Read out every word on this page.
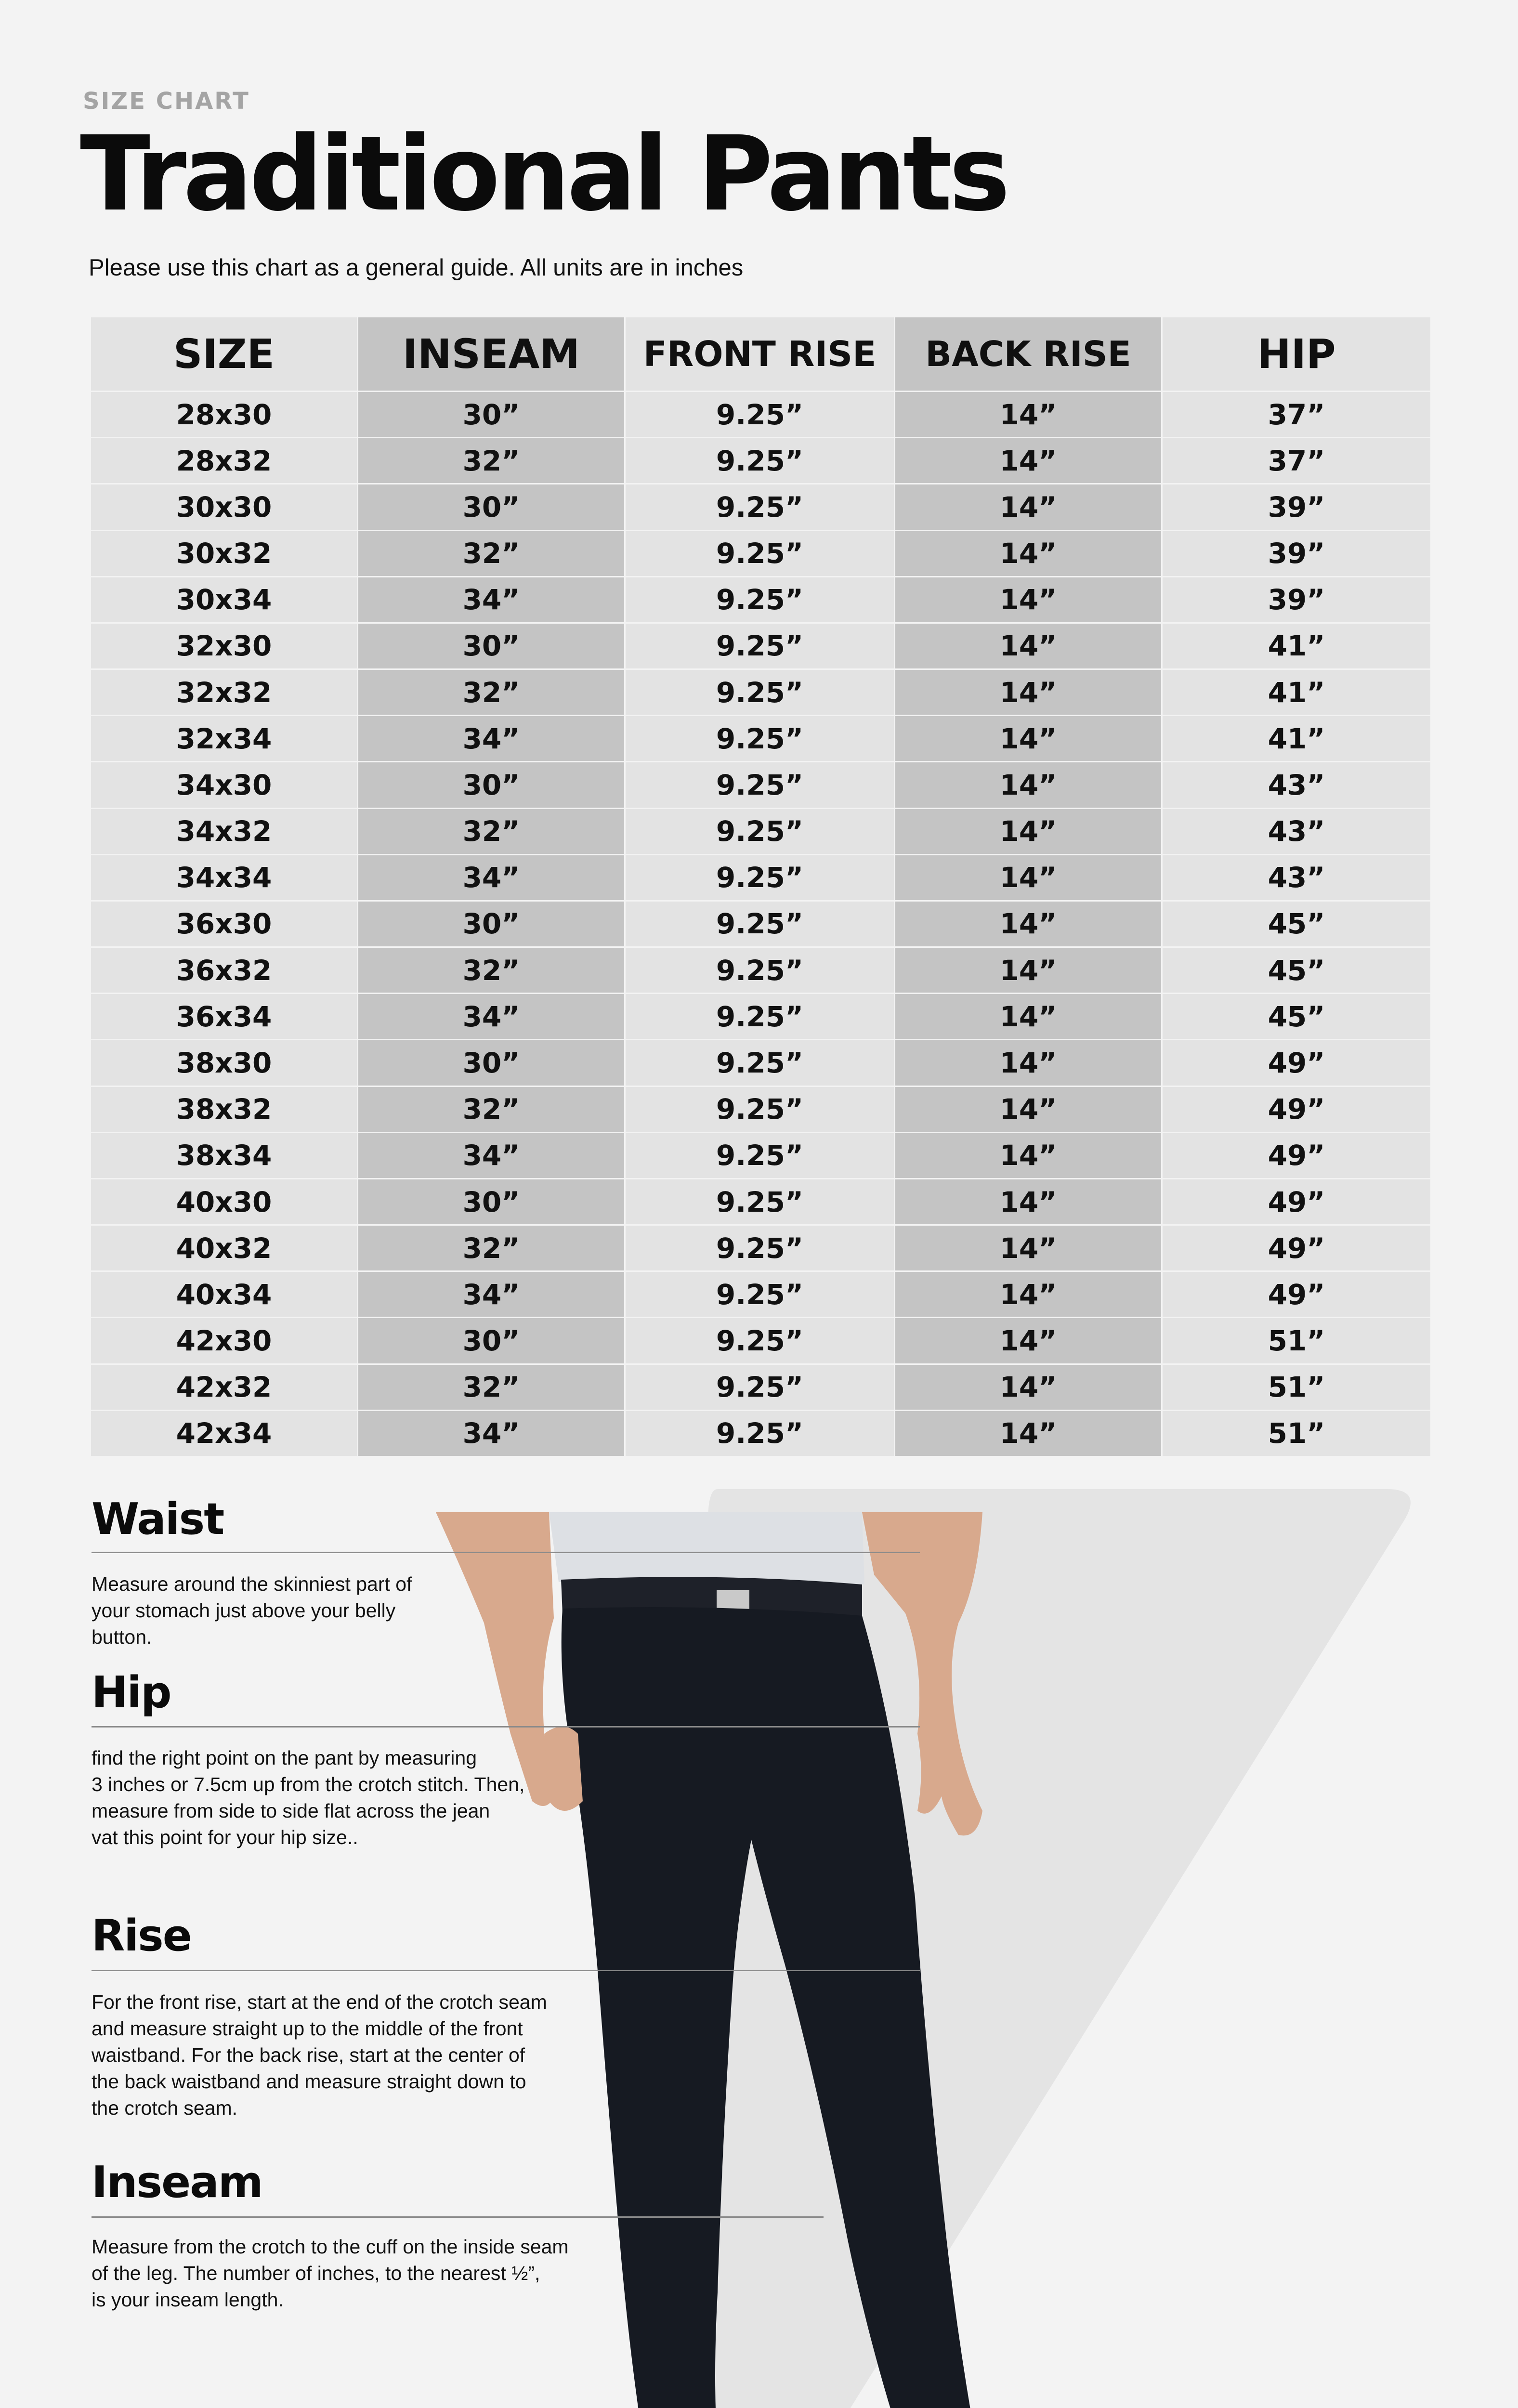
SIZE CHART
Traditional Pants
Please use this chart as a general guide. All units are in inches
SIZE	INSEAM	FRONT RISE	BACK RISE	HIP
28x30	30”	9.25”	14”	37”
28x32	32”	9.25”	14”	37”
30x30	30”	9.25”	14”	39”
30x32	32”	9.25”	14”	39”
30x34	34”	9.25”	14”	39”
32x30	30”	9.25”	14”	41”
32x32	32”	9.25”	14”	41”
32x34	34”	9.25”	14”	41”
34x30	30”	9.25”	14”	43”
34x32	32”	9.25”	14”	43”
34x34	34”	9.25”	14”	43”
36x30	30”	9.25”	14”	45”
36x32	32”	9.25”	14”	45”
36x34	34”	9.25”	14”	45”
38x30	30”	9.25”	14”	49”
38x32	32”	9.25”	14”	49”
38x34	34”	9.25”	14”	49”
40x30	30”	9.25”	14”	49”
40x32	32”	9.25”	14”	49”
40x34	34”	9.25”	14”	49”
42x30	30”	9.25”	14”	51”
42x32	32”	9.25”	14”	51”
42x34	34”	9.25”	14”	51”
Waist
Measure around the skinniest part of
your stomach just above your belly
button.
Hip
find the right point on the pant by measuring
3 inches or 7.5cm up from the crotch stitch. Then,
measure from side to side flat across the jean
vat this point for your hip size..
Rise
For the front rise, start at the end of the crotch seam
and measure straight up to the middle of the front
waistband. For the back rise, start at the center of
the back waistband and measure straight down to
the crotch seam.
Inseam
Measure from the crotch to the cuff on the inside seam
of the leg. The number of inches, to the nearest ½”,
is your inseam length.
